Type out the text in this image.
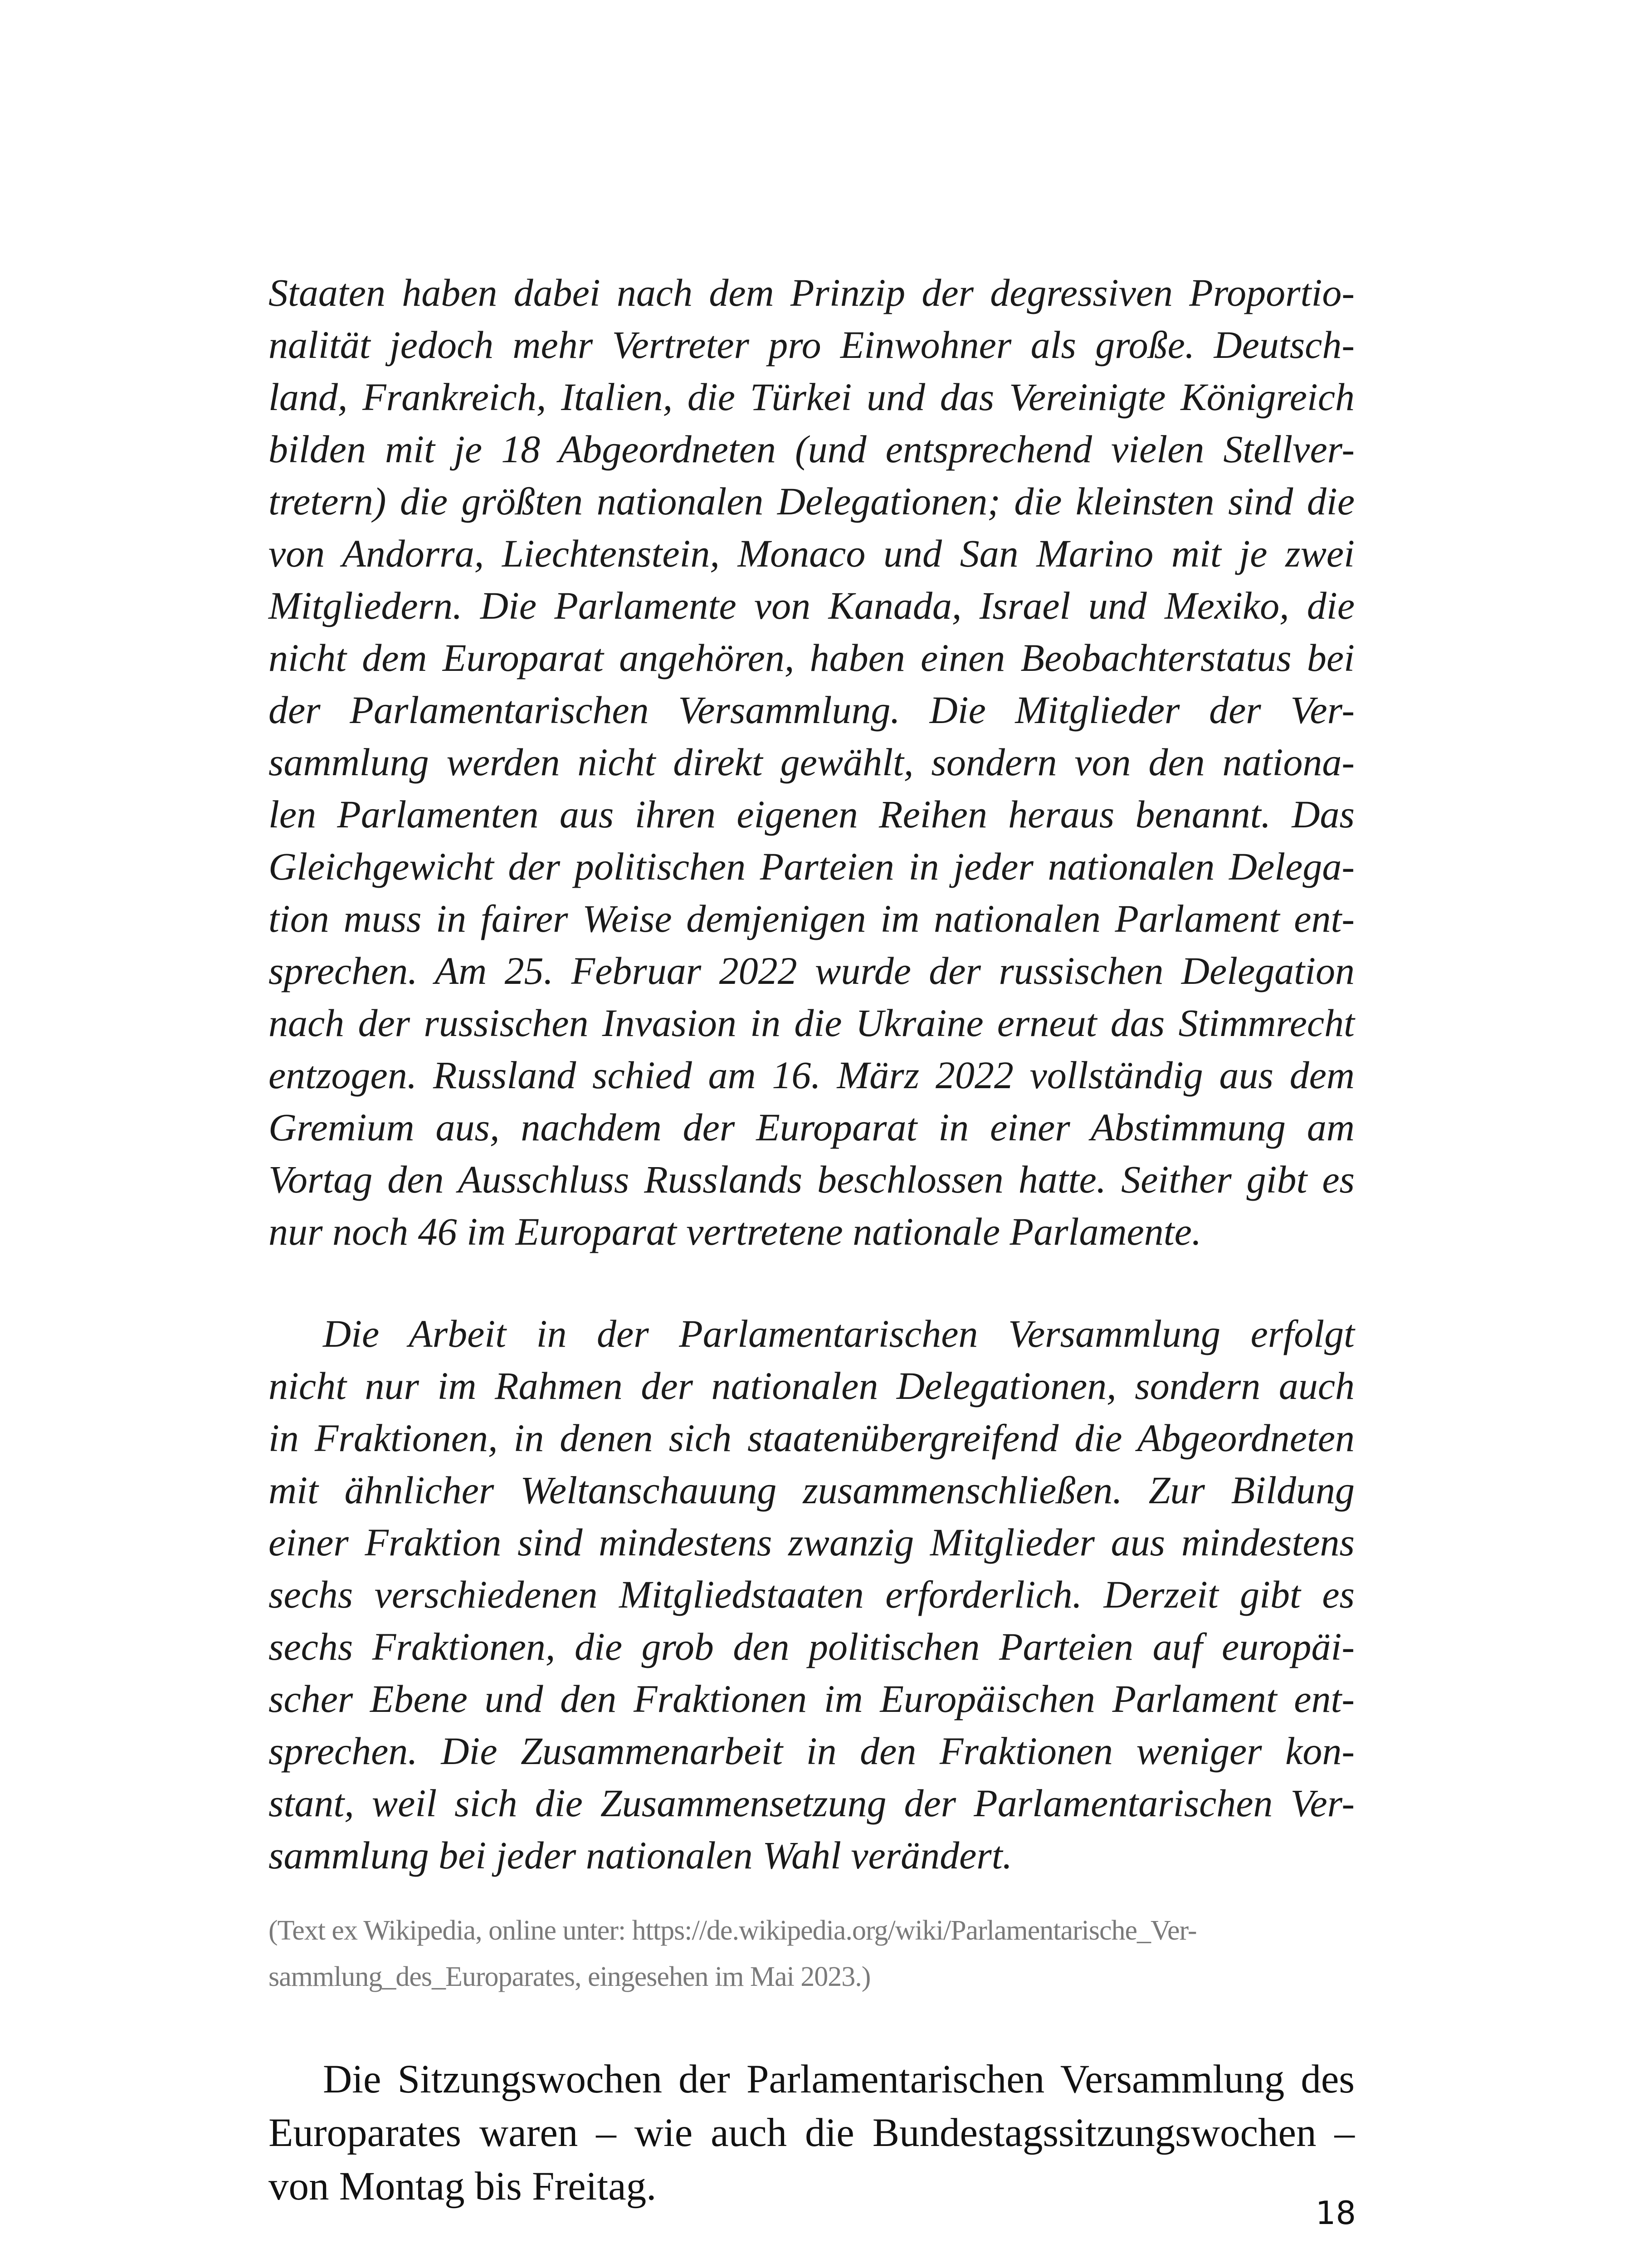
Staaten haben dabei nach dem Prinzip der degressiven Proportio-
nalität jedoch mehr Vertreter pro Einwohner als große. Deutsch-
land, Frankreich, Italien, die Türkei und das Vereinigte Königreich
bilden mit je 18 Abgeordneten (und entsprechend vielen Stellver-
tretern) die größten nationalen Delegationen; die kleinsten sind die
von Andorra, Liechtenstein, Monaco und San Marino mit je zwei
Mitgliedern. Die Parlamente von Kanada, Israel und Mexiko, die
nicht dem Europarat angehören, haben einen Beobachterstatus bei
der Parlamentarischen Versammlung. Die Mitglieder der Ver-
sammlung werden nicht direkt gewählt, sondern von den nationa-
len Parlamenten aus ihren eigenen Reihen heraus benannt. Das
Gleichgewicht der politischen Parteien in jeder nationalen Delega-
tion muss in fairer Weise demjenigen im nationalen Parlament ent-
sprechen. Am 25. Februar 2022 wurde der russischen Delegation
nach der russischen Invasion in die Ukraine erneut das Stimmrecht
entzogen. Russland schied am 16. März 2022 vollständig aus dem
Gremium aus, nachdem der Europarat in einer Abstimmung am
Vortag den Ausschluss Russlands beschlossen hatte. Seither gibt es
nur noch 46 im Europarat vertretene nationale Parlamente.
Die Arbeit in der Parlamentarischen Versammlung erfolgt
nicht nur im Rahmen der nationalen Delegationen, sondern auch
in Fraktionen, in denen sich staatenübergreifend die Abgeordneten
mit ähnlicher Weltanschauung zusammenschließen. Zur Bildung
einer Fraktion sind mindestens zwanzig Mitglieder aus mindestens
sechs verschiedenen Mitgliedstaaten erforderlich. Derzeit gibt es
sechs Fraktionen, die grob den politischen Parteien auf europäi-
scher Ebene und den Fraktionen im Europäischen Parlament ent-
sprechen. Die Zusammenarbeit in den Fraktionen weniger kon-
stant, weil sich die Zusammensetzung der Parlamentarischen Ver-
sammlung bei jeder nationalen Wahl verändert.
(Text ex Wikipedia, online unter: https://de.wikipedia.org/wiki/Parlamentarische_Ver-
sammlung_des_Europarates, eingesehen im Mai 2023.)
Die Sitzungswochen der Parlamentarischen Versammlung des
Europarates waren – wie auch die Bundestagssitzungswochen –
von Montag bis Freitag.
18
